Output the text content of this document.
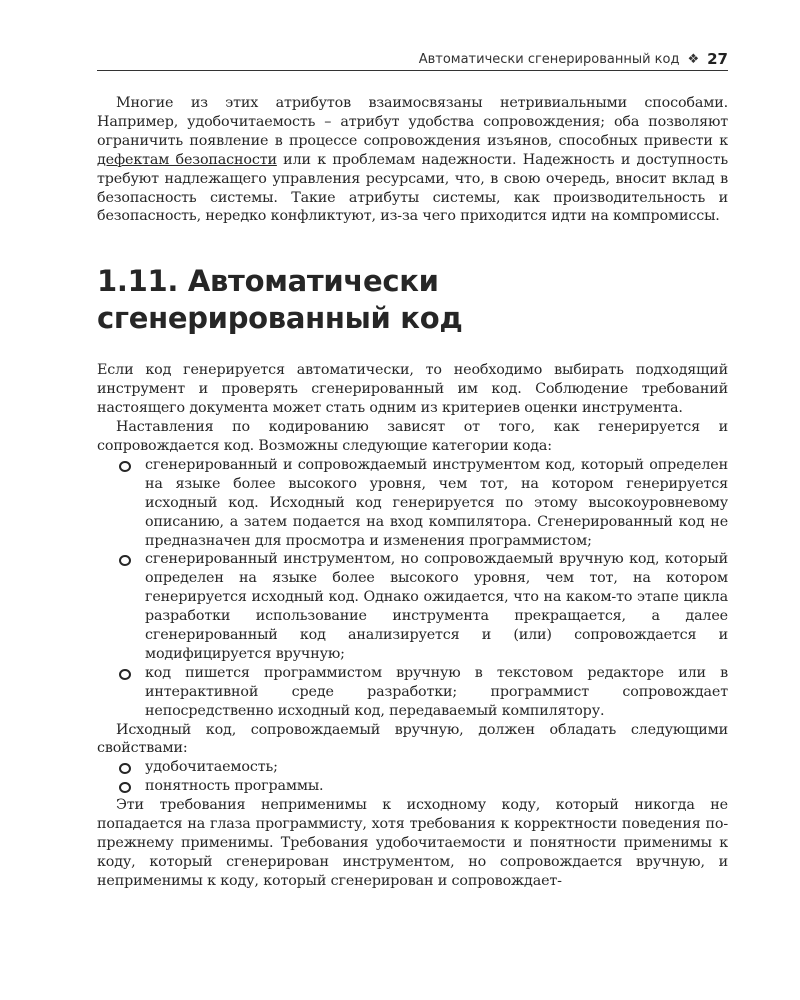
Автоматически сгенерированный код ❖ 27

Многие из этих атрибутов взаимосвязаны нетривиальными способами. Например, удобочитаемость – атрибут удобства сопровождения; оба позволяют ограничить появление в процессе сопровождения изъянов, способных привести к дефектам безопасности или к проблемам надежности. Надежность и доступность требуют надлежащего управления ресурсами, что, в свою очередь, вносит вклад в безопасность системы. Такие атрибуты системы, как производительность и безопасность, нередко конфликтуют, из-за чего приходится идти на компромиссы.

1.11. Автоматически
сгенерированный код

Если код генерируется автоматически, то необходимо выбирать подходящий инструмент и проверять сгенерированный им код. Соблюдение требований настоящего документа может стать одним из критериев оценки инструмента.

Наставления по кодированию зависят от того, как генерируется и сопровождается код. Возможны следующие категории кода:

сгенерированный и сопровождаемый инструментом код, который определен на языке более высокого уровня, чем тот, на котором генерируется исходный код. Исходный код генерируется по этому высокоуровневому описанию, а затем подается на вход компилятора. Сгенерированный код не предназначен для просмотра и изменения программистом;
сгенерированный инструментом, но сопровождаемый вручную код, который определен на языке более высокого уровня, чем тот, на котором генерируется исходный код. Однако ожидается, что на каком-то этапе цикла разработки использование инструмента прекращается, а далее сгенерированный код анализируется и (или) сопровождается и модифицируется вручную;
код пишется программистом вручную в текстовом редакторе или в интерактивной среде разработки; программист сопровождает непосредственно исходный код, передаваемый компилятору.

Исходный код, сопровождаемый вручную, должен обладать следующими свойствами:

удобочитаемость;
понятность программы.

Эти требования неприменимы к исходному коду, который никогда не попадается на глаза программисту, хотя требования к корректности поведения по-прежнему применимы. Требования удобочитаемости и понятности применимы к коду, который сгенерирован инструментом, но сопровождается вручную, и неприменимы к коду, который сгенерирован и сопровождает-
